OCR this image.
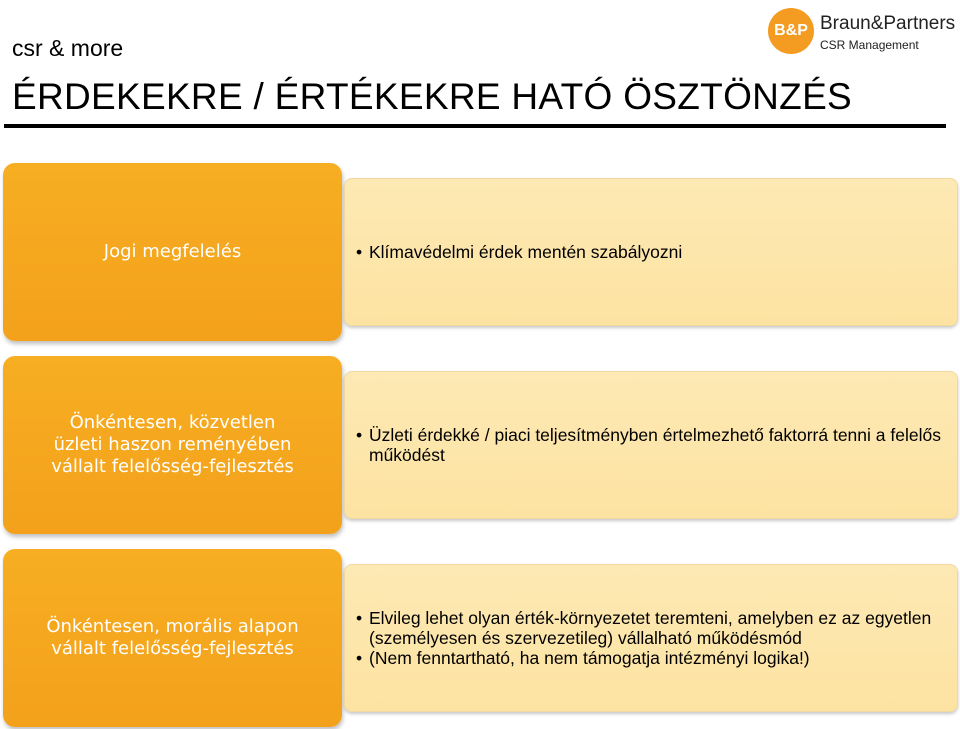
csr & more
ÉRDEKEKRE / ÉRTÉKEKRE HATÓ ÖSZTÖNZÉS
B&P Braun&Partners
CSR Management
Jogi megfelelés
•	Klímavédelmi érdek mentén szabályozni
Önkéntesen, közvetlen
üzleti haszon reményében
vállalt felelősség-fejlesztés
• Üzleti érdekké / piaci teljesítményben értelmezhető faktorrá tenni a felelős működést
Önkéntesen, morális alapon
vállalt felelősség-fejlesztés
• Elvileg lehet olyan érték-környezetet teremteni, amelyben ez az egyetlen (személyesen és szervezetileg) vállalható működésmód
• (Nem fenntartható, ha nem támogatja intézményi logika!)
